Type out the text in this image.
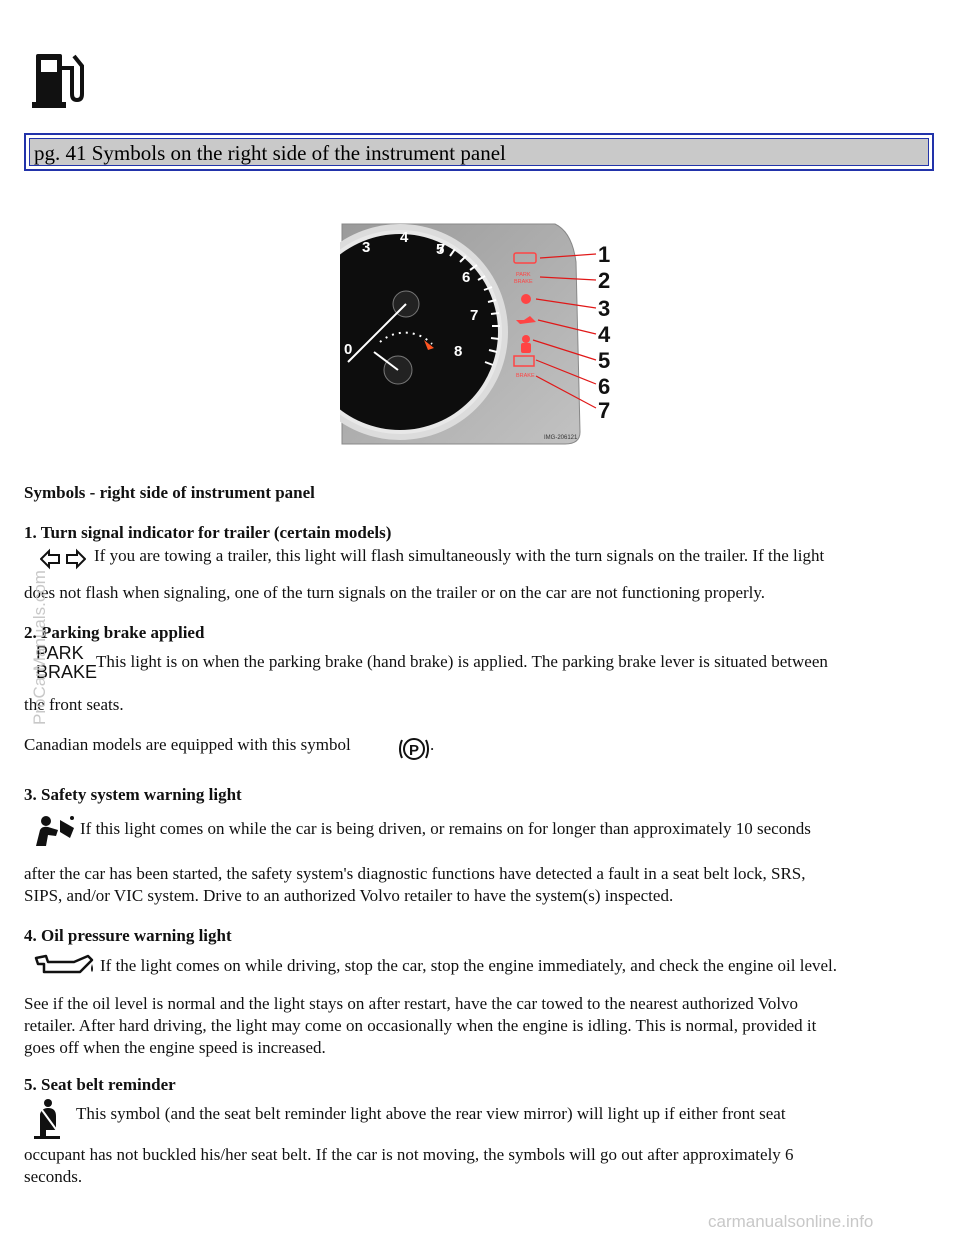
pg. 41 Symbols on the right side of the instrument panel
3
4
5
6
7
8
0
PARK
BRAKE
BRAKE
1
2
3
4
5
6
7
IMG-206121
Symbols - right side of instrument panel
1. Turn signal indicator for trailer (certain models)
If you are towing a trailer, this light will flash simultaneously with the turn signals on the trailer. If the light
does not flash when signaling, one of the turn signals on the trailer or on the car are not functioning properly.
2. Parking brake applied
PARK
BRAKE
This light is on when the parking brake (hand brake) is applied. The parking brake lever is situated between
the front seats.
Canadian models are equipped with this symbol	P .
3. Safety system warning light
If this light comes on while the car is being driven, or remains on for longer than approximately 10 seconds
after the car has been started, the safety system's diagnostic functions have detected a fault in a seat belt lock, SRS,
SIPS, and/or VIC system. Drive to an authorized Volvo retailer to have the system(s) inspected.
4. Oil pressure warning light
If the light comes on while driving, stop the car, stop the engine immediately, and check the engine oil level.
See if the oil level is normal and the light stays on after restart, have the car towed to the nearest authorized Volvo
retailer. After hard driving, the light may come on occasionally when the engine is idling. This is normal, provided it
goes off when the engine speed is increased.
5. Seat belt reminder
This symbol (and the seat belt reminder light above the rear view mirror) will light up if either front seat
occupant has not buckled his/her seat belt. If the car is not moving, the symbols will go out after approximately 6
seconds.
ProCarManuals.com
carmanualsonline.info
